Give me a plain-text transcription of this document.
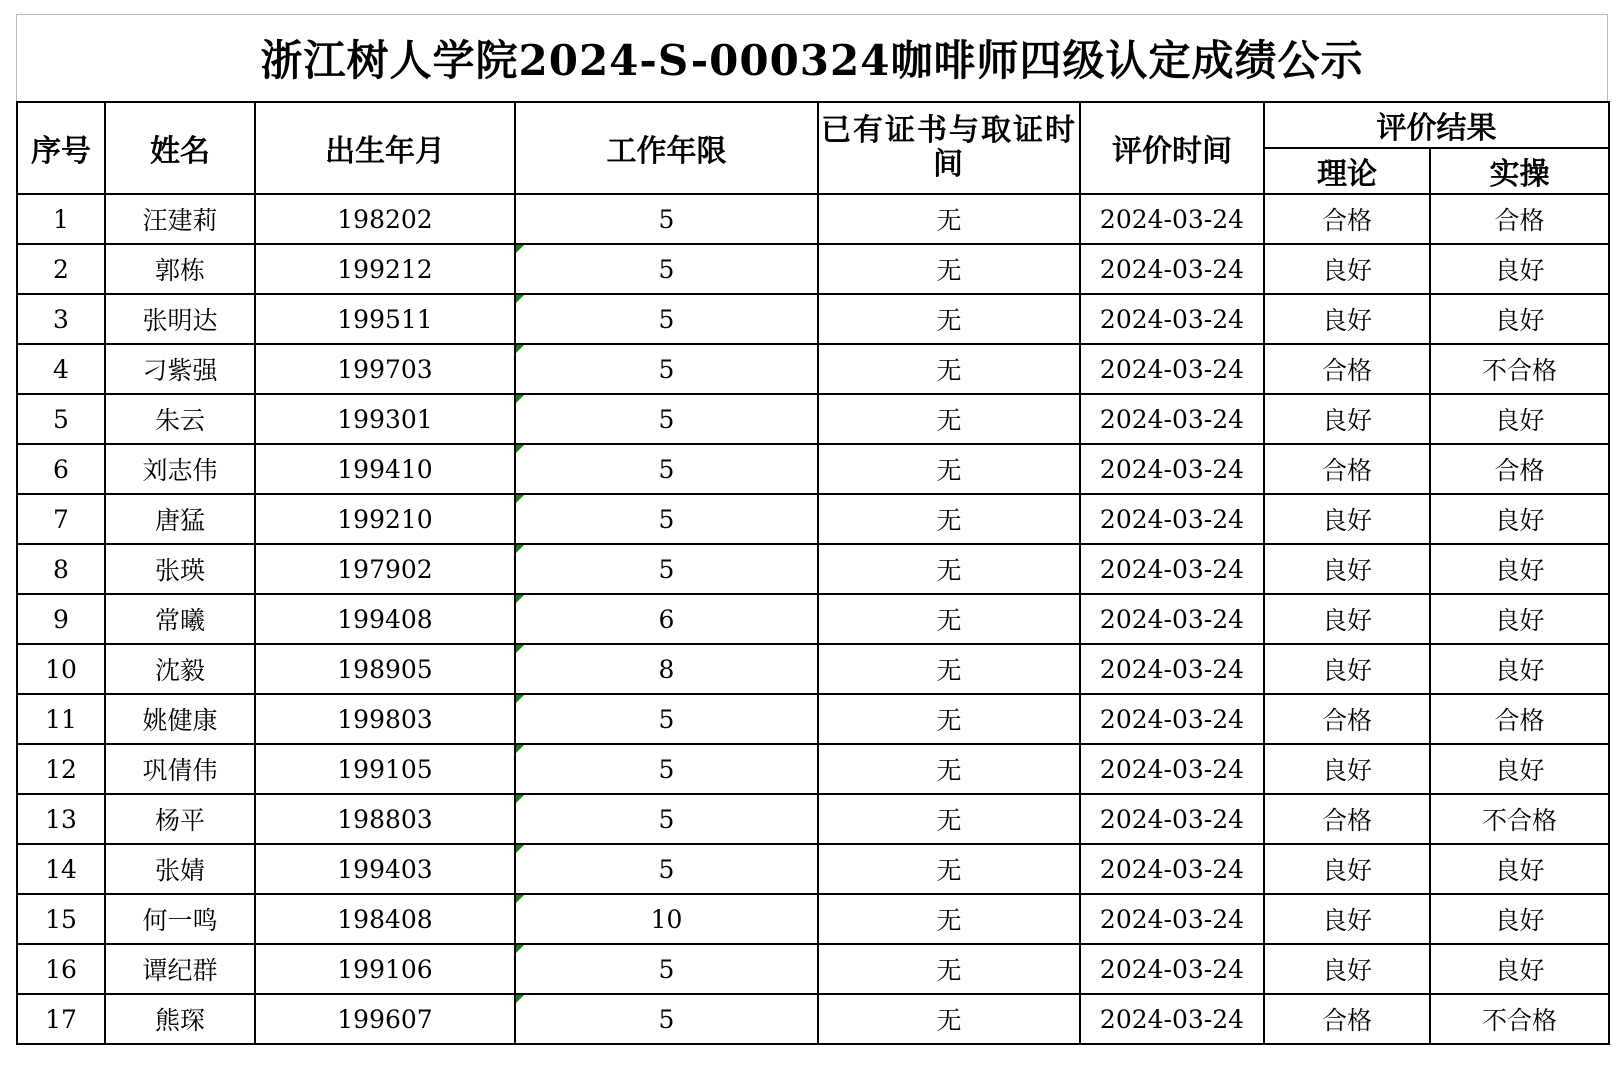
浙江树人学院2024-S-000324咖啡师四级认定成绩公示
序号	姓名	出生年月	工作年限	已有证书与取证时间	评价时间	评价结果	
						理论	实操
1	汪建莉	198202	5	无	2024-03-24	合格	合格
2	郭栋	199212	5	无	2024-03-24	良好	良好
3	张明达	199511	5	无	2024-03-24	良好	良好
4	刁紫强	199703	5	无	2024-03-24	合格	不合格
5	朱云	199301	5	无	2024-03-24	良好	良好
6	刘志伟	199410	5	无	2024-03-24	合格	合格
7	唐猛	199210	5	无	2024-03-24	良好	良好
8	张瑛	197902	5	无	2024-03-24	良好	良好
9	常曦	199408	6	无	2024-03-24	良好	良好
10	沈毅	198905	8	无	2024-03-24	良好	良好
11	姚健康	199803	5	无	2024-03-24	合格	合格
12	巩倩伟	199105	5	无	2024-03-24	良好	良好
13	杨平	198803	5	无	2024-03-24	合格	不合格
14	张婧	199403	5	无	2024-03-24	良好	良好
15	何一鸣	198408	10	无	2024-03-24	良好	良好
16	谭纪群	199106	5	无	2024-03-24	良好	良好
17	熊琛	199607	5	无	2024-03-24	合格	不合格
